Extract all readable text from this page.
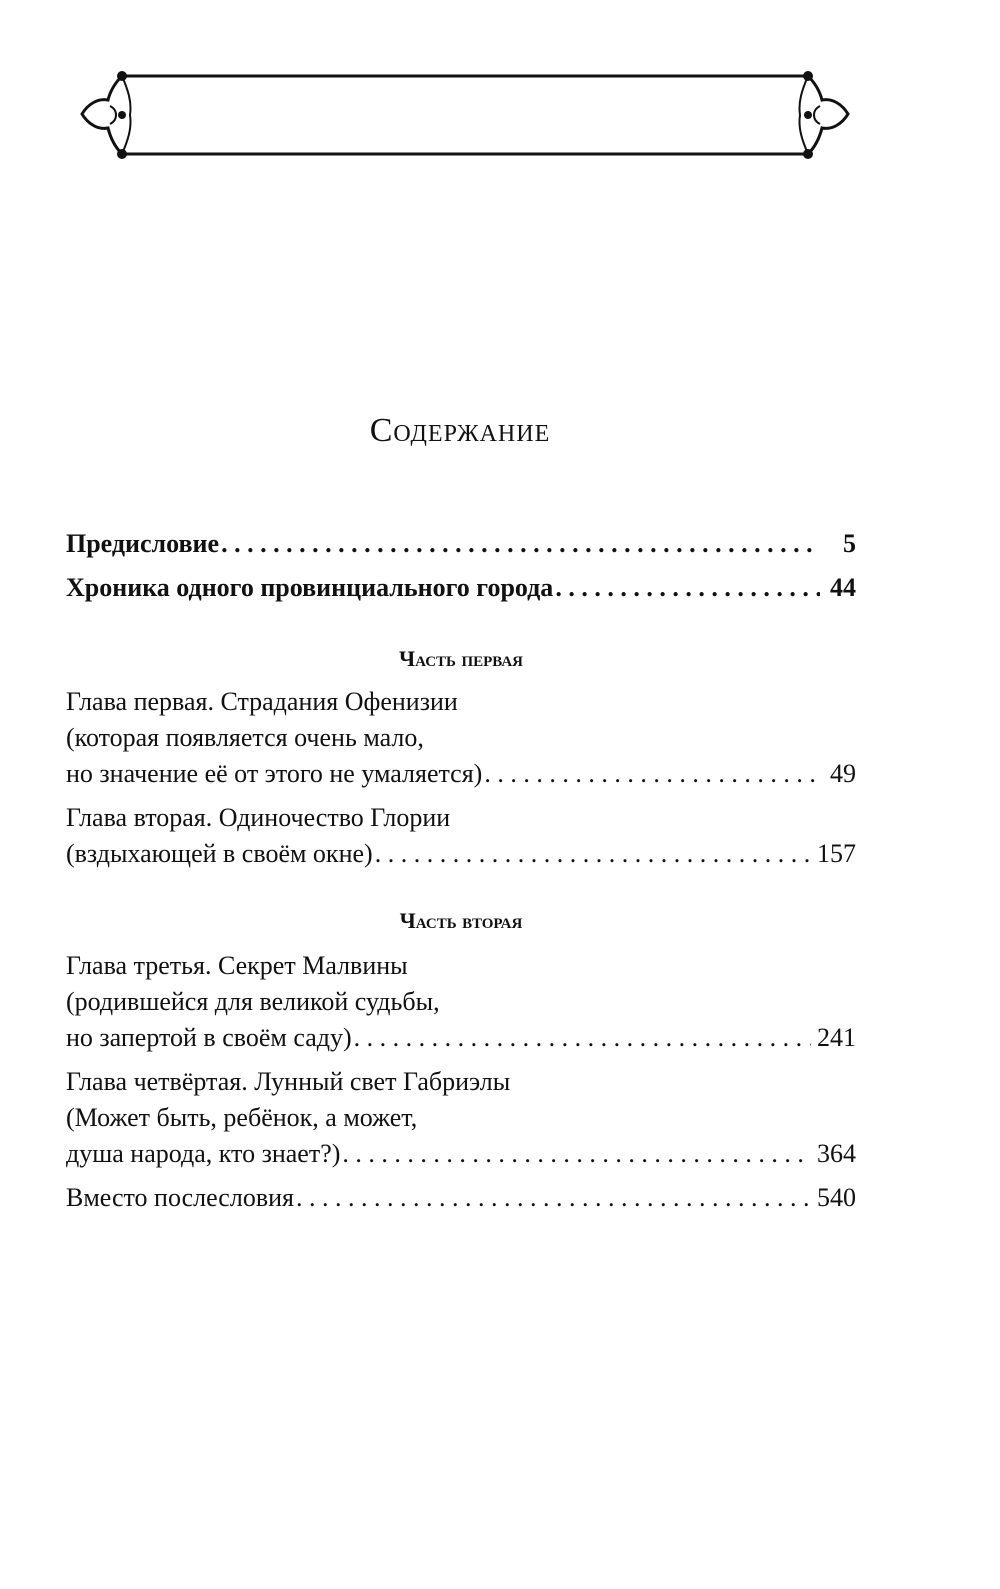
Содержание
Предисловие . . .	5
Хроника одного провинциального города . . .	44
Часть первая
Глава первая. Страдания Офенизии
(которая появляется очень мало,
но значение её от этого не умаляется) . . .	49
Глава вторая. Одиночество Глории
(вздыхающей в своём окне) . . .	157
Часть вторая
Глава третья. Секрет Малвины
(родившейся для великой судьбы,
но запертой в своём саду) . . .	241
Глава четвёртая. Лунный свет Габриэлы
(Может быть, ребёнок, а может,
душа народа, кто знает?) . . .	364
Вместо послесловия . . .	540
